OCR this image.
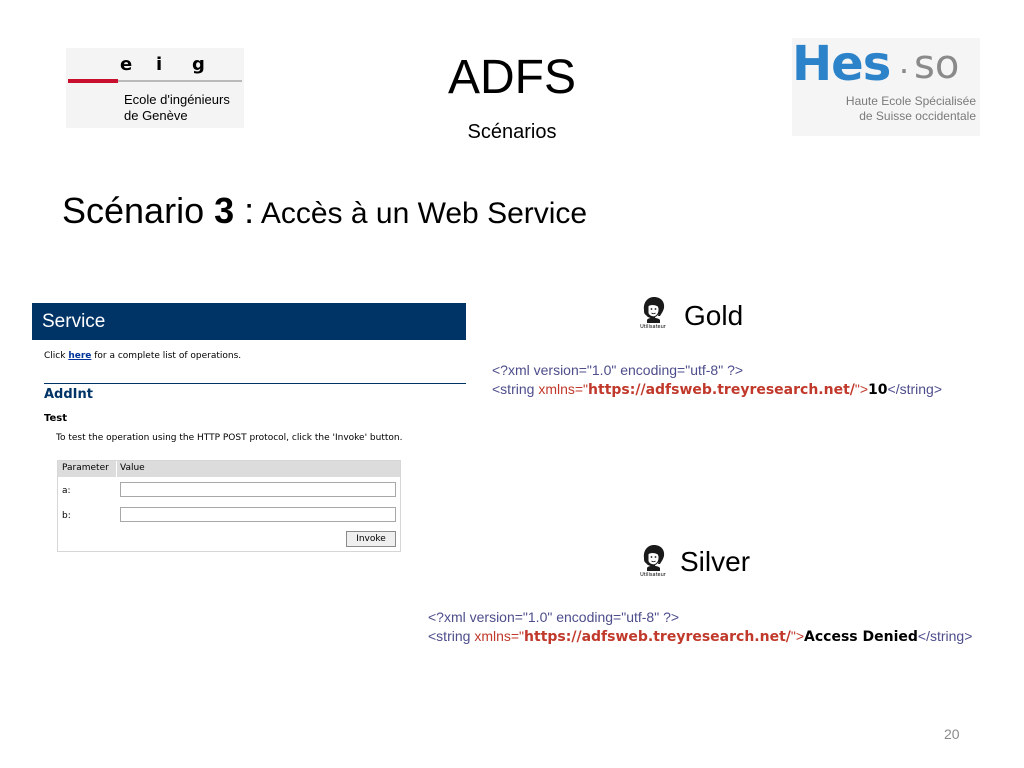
e i g
Ecole d'ingénieurs
de Genève
ADFS
Scénarios
Hes · so
Haute Ecole Spécialisée
de Suisse occidentale
Scénario 3 : Accès à un Web Service
Service
Click here for a complete list of operations.
AddInt
Test
To test the operation using the HTTP POST protocol, click the 'Invoke' button.
Parameter Value
a:
b:
Invoke
Utilisateur Gold
<?xml version="1.0" encoding="utf-8" ?>
<string xmlns="https://adfsweb.treyresearch.net/">10</string>
Utilisateur Silver
<?xml version="1.0" encoding="utf-8" ?>
<string xmlns="https://adfsweb.treyresearch.net/">Access Denied</string>
20
